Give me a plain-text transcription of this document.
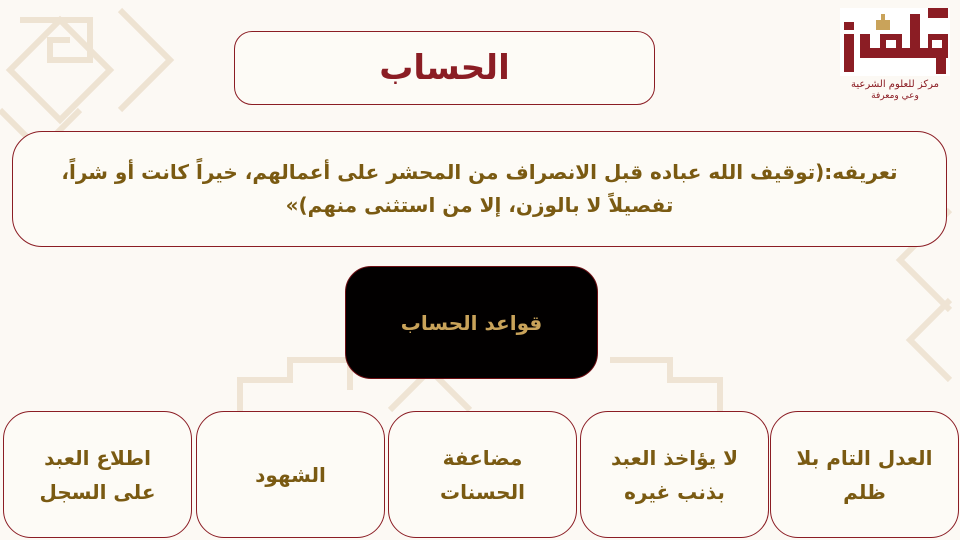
مركز للعلوم الشرعية
وعي ومعرفة
الحساب
تعريفه:(توقيف الله عباده قبل الانصراف من المحشر على أعمالهم، خيراً كانت أو شراً، تفصيلاً لا بالوزن، إلا من استثنى منهم)»
قواعد الحساب
العدل التام بلا ظلم
لا يؤاخذ العبد بذنب غيره
مضاعفة الحسنات
الشهود
اطلاع العبد على السجل
